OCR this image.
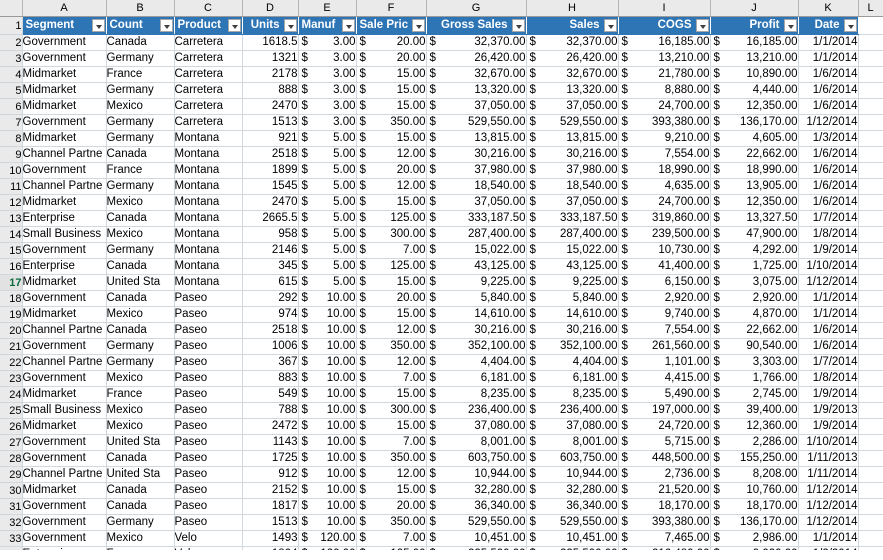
	A	B	C	D	E	F	G	H	I	J	K	L
1	Segment	Count	Product	Units	Manuf	Sale Pric	Gross Sales	Sales	COGS	Profit	Date

2	Government	Canada	Carretera	1618.5	$ 3.00	$ 20.00	$ 32,370.00	$ 32,370.00	$ 16,185.00	$ 16,185.00	1/1/2014	
3	Government	Germany	Carretera	1321	$ 3.00	$ 20.00	$ 26,420.00	$ 26,420.00	$ 13,210.00	$ 13,210.00	1/1/2014	
4	Midmarket	France	Carretera	2178	$ 3.00	$ 15.00	$ 32,670.00	$ 32,670.00	$ 21,780.00	$ 10,890.00	1/6/2014	
5	Midmarket	Germany	Carretera	888	$ 3.00	$ 15.00	$ 13,320.00	$ 13,320.00	$ 8,880.00	$ 4,440.00	1/6/2014	
6	Midmarket	Mexico	Carretera	2470	$ 3.00	$ 15.00	$ 37,050.00	$ 37,050.00	$ 24,700.00	$ 12,350.00	1/6/2014	
7	Government	Germany	Carretera	1513	$ 3.00	$ 350.00	$ 529,550.00	$ 529,550.00	$ 393,380.00	$ 136,170.00	1/12/2014	
8	Midmarket	Germany	Montana	921	$ 5.00	$ 15.00	$ 13,815.00	$ 13,815.00	$ 9,210.00	$ 4,605.00	1/3/2014	
9	Channel Partne	Canada	Montana	2518	$ 5.00	$ 12.00	$ 30,216.00	$ 30,216.00	$ 7,554.00	$ 22,662.00	1/6/2014	
10	Government	France	Montana	1899	$ 5.00	$ 20.00	$ 37,980.00	$ 37,980.00	$ 18,990.00	$ 18,990.00	1/6/2014	
11	Channel Partne	Germany	Montana	1545	$ 5.00	$ 12.00	$ 18,540.00	$ 18,540.00	$ 4,635.00	$ 13,905.00	1/6/2014	
12	Midmarket	Mexico	Montana	2470	$ 5.00	$ 15.00	$ 37,050.00	$ 37,050.00	$ 24,700.00	$ 12,350.00	1/6/2014	
13	Enterprise	Canada	Montana	2665.5	$ 5.00	$ 125.00	$ 333,187.50	$ 333,187.50	$ 319,860.00	$ 13,327.50	1/7/2014	
14	Small Business	Mexico	Montana	958	$ 5.00	$ 300.00	$ 287,400.00	$ 287,400.00	$ 239,500.00	$ 47,900.00	1/8/2014	
15	Government	Germany	Montana	2146	$ 5.00	$ 7.00	$ 15,022.00	$ 15,022.00	$ 10,730.00	$ 4,292.00	1/9/2014	
16	Enterprise	Canada	Montana	345	$ 5.00	$ 125.00	$ 43,125.00	$ 43,125.00	$ 41,400.00	$ 1,725.00	1/10/2014	
17	Midmarket	United Sta	Montana	615	$ 5.00	$ 15.00	$ 9,225.00	$ 9,225.00	$ 6,150.00	$ 3,075.00	1/12/2014	
18	Government	Canada	Paseo	292	$ 10.00	$ 20.00	$ 5,840.00	$ 5,840.00	$ 2,920.00	$ 2,920.00	1/1/2014	
19	Midmarket	Mexico	Paseo	974	$ 10.00	$ 15.00	$ 14,610.00	$ 14,610.00	$ 9,740.00	$ 4,870.00	1/1/2014	
20	Channel Partne	Canada	Paseo	2518	$ 10.00	$ 12.00	$ 30,216.00	$ 30,216.00	$ 7,554.00	$ 22,662.00	1/6/2014	
21	Government	Germany	Paseo	1006	$ 10.00	$ 350.00	$ 352,100.00	$ 352,100.00	$ 261,560.00	$ 90,540.00	1/6/2014	
22	Channel Partne	Germany	Paseo	367	$ 10.00	$ 12.00	$ 4,404.00	$ 4,404.00	$ 1,101.00	$ 3,303.00	1/7/2014	
23	Government	Mexico	Paseo	883	$ 10.00	$ 7.00	$ 6,181.00	$ 6,181.00	$ 4,415.00	$ 1,766.00	1/8/2014	
24	Midmarket	France	Paseo	549	$ 10.00	$ 15.00	$ 8,235.00	$ 8,235.00	$ 5,490.00	$ 2,745.00	1/9/2014	
25	Small Business	Mexico	Paseo	788	$ 10.00	$ 300.00	$ 236,400.00	$ 236,400.00	$ 197,000.00	$ 39,400.00	1/9/2013	
26	Midmarket	Mexico	Paseo	2472	$ 10.00	$ 15.00	$ 37,080.00	$ 37,080.00	$ 24,720.00	$ 12,360.00	1/9/2014	
27	Government	United Sta	Paseo	1143	$ 10.00	$ 7.00	$ 8,001.00	$ 8,001.00	$ 5,715.00	$ 2,286.00	1/10/2014	
28	Government	Canada	Paseo	1725	$ 10.00	$ 350.00	$ 603,750.00	$ 603,750.00	$ 448,500.00	$ 155,250.00	1/11/2013	
29	Channel Partne	United Sta	Paseo	912	$ 10.00	$ 12.00	$ 10,944.00	$ 10,944.00	$ 2,736.00	$ 8,208.00	1/11/2014	
30	Midmarket	Canada	Paseo	2152	$ 10.00	$ 15.00	$ 32,280.00	$ 32,280.00	$ 21,520.00	$ 10,760.00	1/12/2014	
31	Government	Canada	Paseo	1817	$ 10.00	$ 20.00	$ 36,340.00	$ 36,340.00	$ 18,170.00	$ 18,170.00	1/12/2014	
32	Government	Germany	Paseo	1513	$ 10.00	$ 350.00	$ 529,550.00	$ 529,550.00	$ 393,380.00	$ 136,170.00	1/12/2014	
33	Government	Mexico	Velo	1493	$ 120.00	$ 7.00	$ 10,451.00	$ 10,451.00	$ 7,465.00	$ 2,986.00	1/1/2014	
